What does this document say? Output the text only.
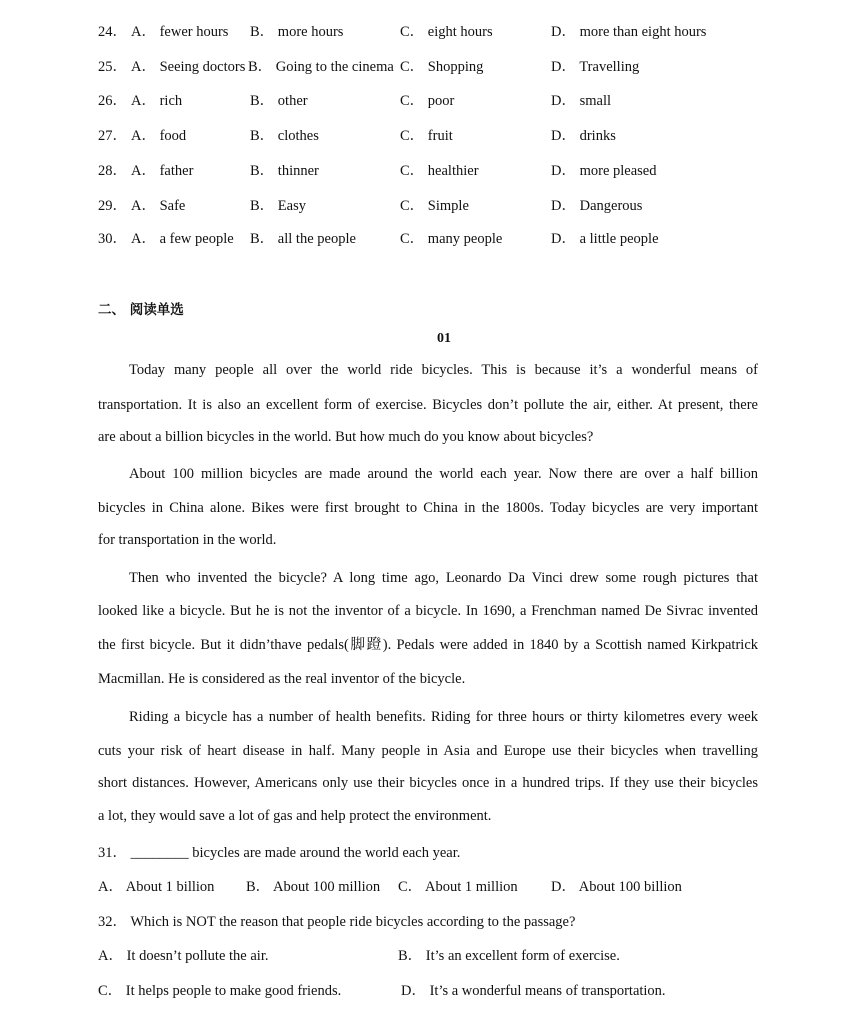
24． A． fewer hours B． more hours	C． eight hours	D． more than eight hours
25． A． Seeing doctors B． Going to the cinema C． Shopping	D． Travelling
26． A． rich	B． other	C． poor	D． small
27． A． food	B． clothes	C． fruit	D． drinks
28． A． father	B． thinner	C． healthier	D． more pleased
29． A． Safe	B． Easy	C． Simple	D． Dangerous
30． A． a few people B． all the people	C． many people	D． a little people
二、 阅读单选
01
Today many people all over the world ride bicycles. This is because it’s a wonderful means of
transportation. It is also an excellent form of exercise. Bicycles don’t pollute the air, either. At present, there
are about a billion bicycles in the world. But how much do you know about bicycles?
About 100 million bicycles are made around the world each year. Now there are over a half billion
bicycles in China alone. Bikes were first brought to China in the 1800s. Today bicycles are very important
for transportation in the world.
Then who invented the bicycle? A long time ago, Leonardo Da Vinci drew some rough pictures that
looked like a bicycle. But he is not the inventor of a bicycle. In 1690, a Frenchman named De Sivrac invented
the first bicycle. But it didn’thave pedals(脚蹬). Pedals were added in 1840 by a Scottish named Kirkpatrick
Macmillan. He is considered as the real inventor of the bicycle.
Riding a bicycle has a number of health benefits. Riding for three hours or thirty kilometres every week
cuts your risk of heart disease in half. Many people in Asia and Europe use their bicycles when travelling
short distances. However, Americans only use their bicycles once in a hundred trips. If they use their bicycles
a lot, they would save a lot of gas and help protect the environment.
31． ________ bicycles are made around the world each year.
A． About 1 billion B． About 100 million C． About 1 million D． About 100 billion
32． Which is NOT the reason that people ride bicycles according to the passage?
A． It doesn’t pollute the air.	B． It’s an excellent form of exercise.
C． It helps people to make good friends.	D． It’s a wonderful means of transportation.
